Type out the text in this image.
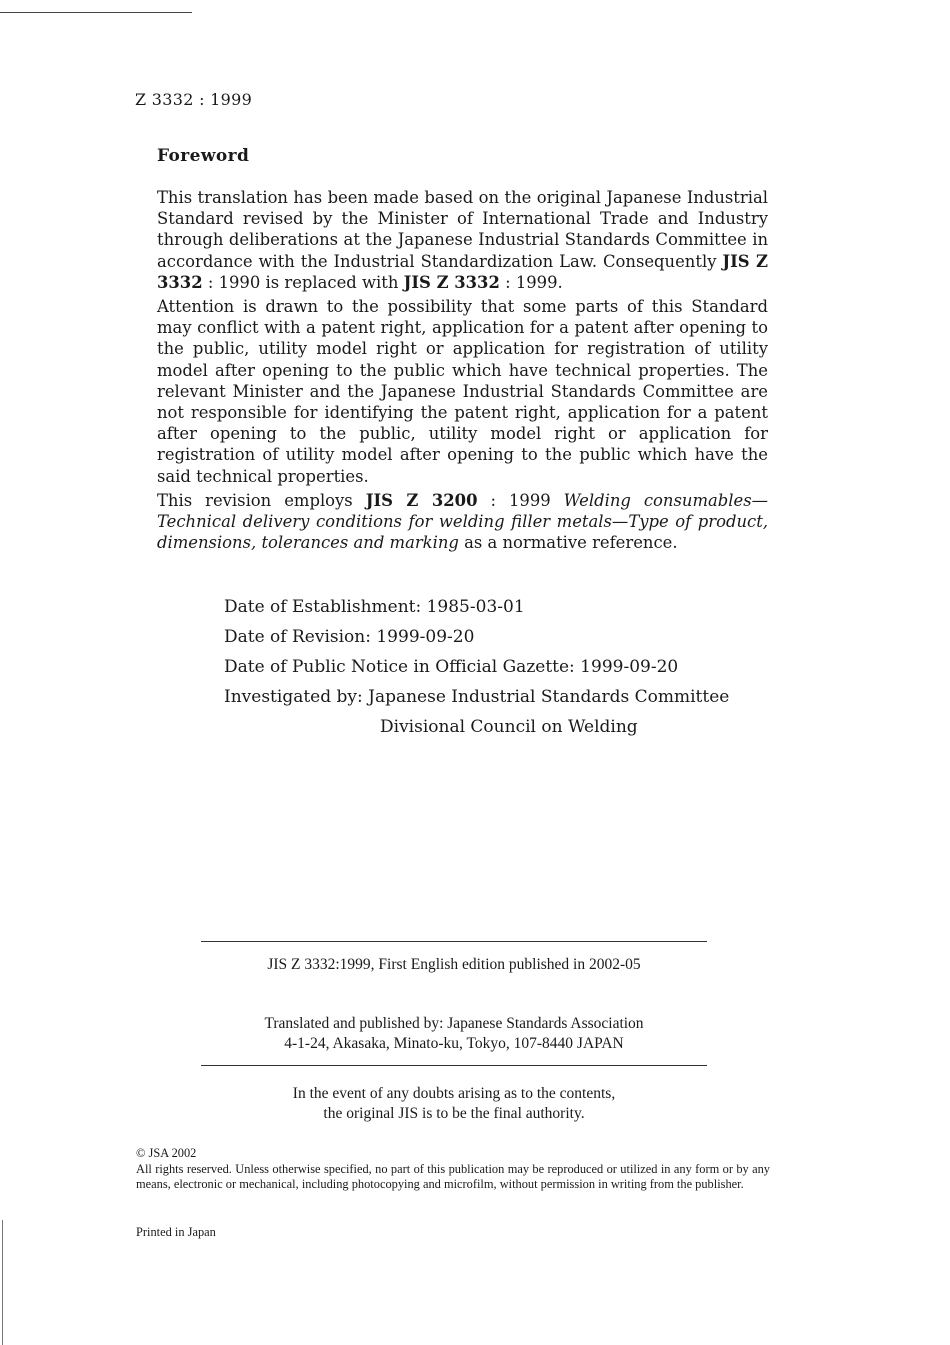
Z 3332 : 1999
Foreword

This translation has been made based on the original Japanese Industrial Standard revised by the Minister of International Trade and Industry through deliberations at the Japanese Industrial Standards Committee in accordance with the Industrial Standardization Law. Consequently JIS Z 3332 : 1990 is replaced with JIS Z 3332 : 1999.

Attention is drawn to the possibility that some parts of this Standard may conflict with a patent right, application for a patent after opening to the public, utility model right or application for registration of utility model after opening to the public which have technical properties. The relevant Minister and the Japanese Industrial Standards Committee are not responsible for identifying the patent right, application for a patent after opening to the public, utility model right or application for registration of utility model after opening to the public which have the said technical properties.

This revision employs JIS Z 3200 : 1999 Welding consumables—Technical delivery conditions for welding filler metals—Type of product, dimensions, tolerances and marking as a normative reference.

Date of Establishment: 1985-03-01
Date of Revision: 1999-09-20
Date of Public Notice in Official Gazette: 1999-09-20
Investigated by: Japanese Industrial Standards Committee
Divisional Council on Welding
JIS Z 3332:1999, First English edition published in 2002-05
Translated and published by: Japanese Standards Association
4-1-24, Akasaka, Minato-ku, Tokyo, 107-8440 JAPAN
In the event of any doubts arising as to the contents,
the original JIS is to be the final authority.
© JSA 2002
All rights reserved. Unless otherwise specified, no part of this publication may be reproduced or utilized in any form or by any means, electronic or mechanical, including photocopying and microfilm, without permission in writing from the publisher.
Printed in Japan
